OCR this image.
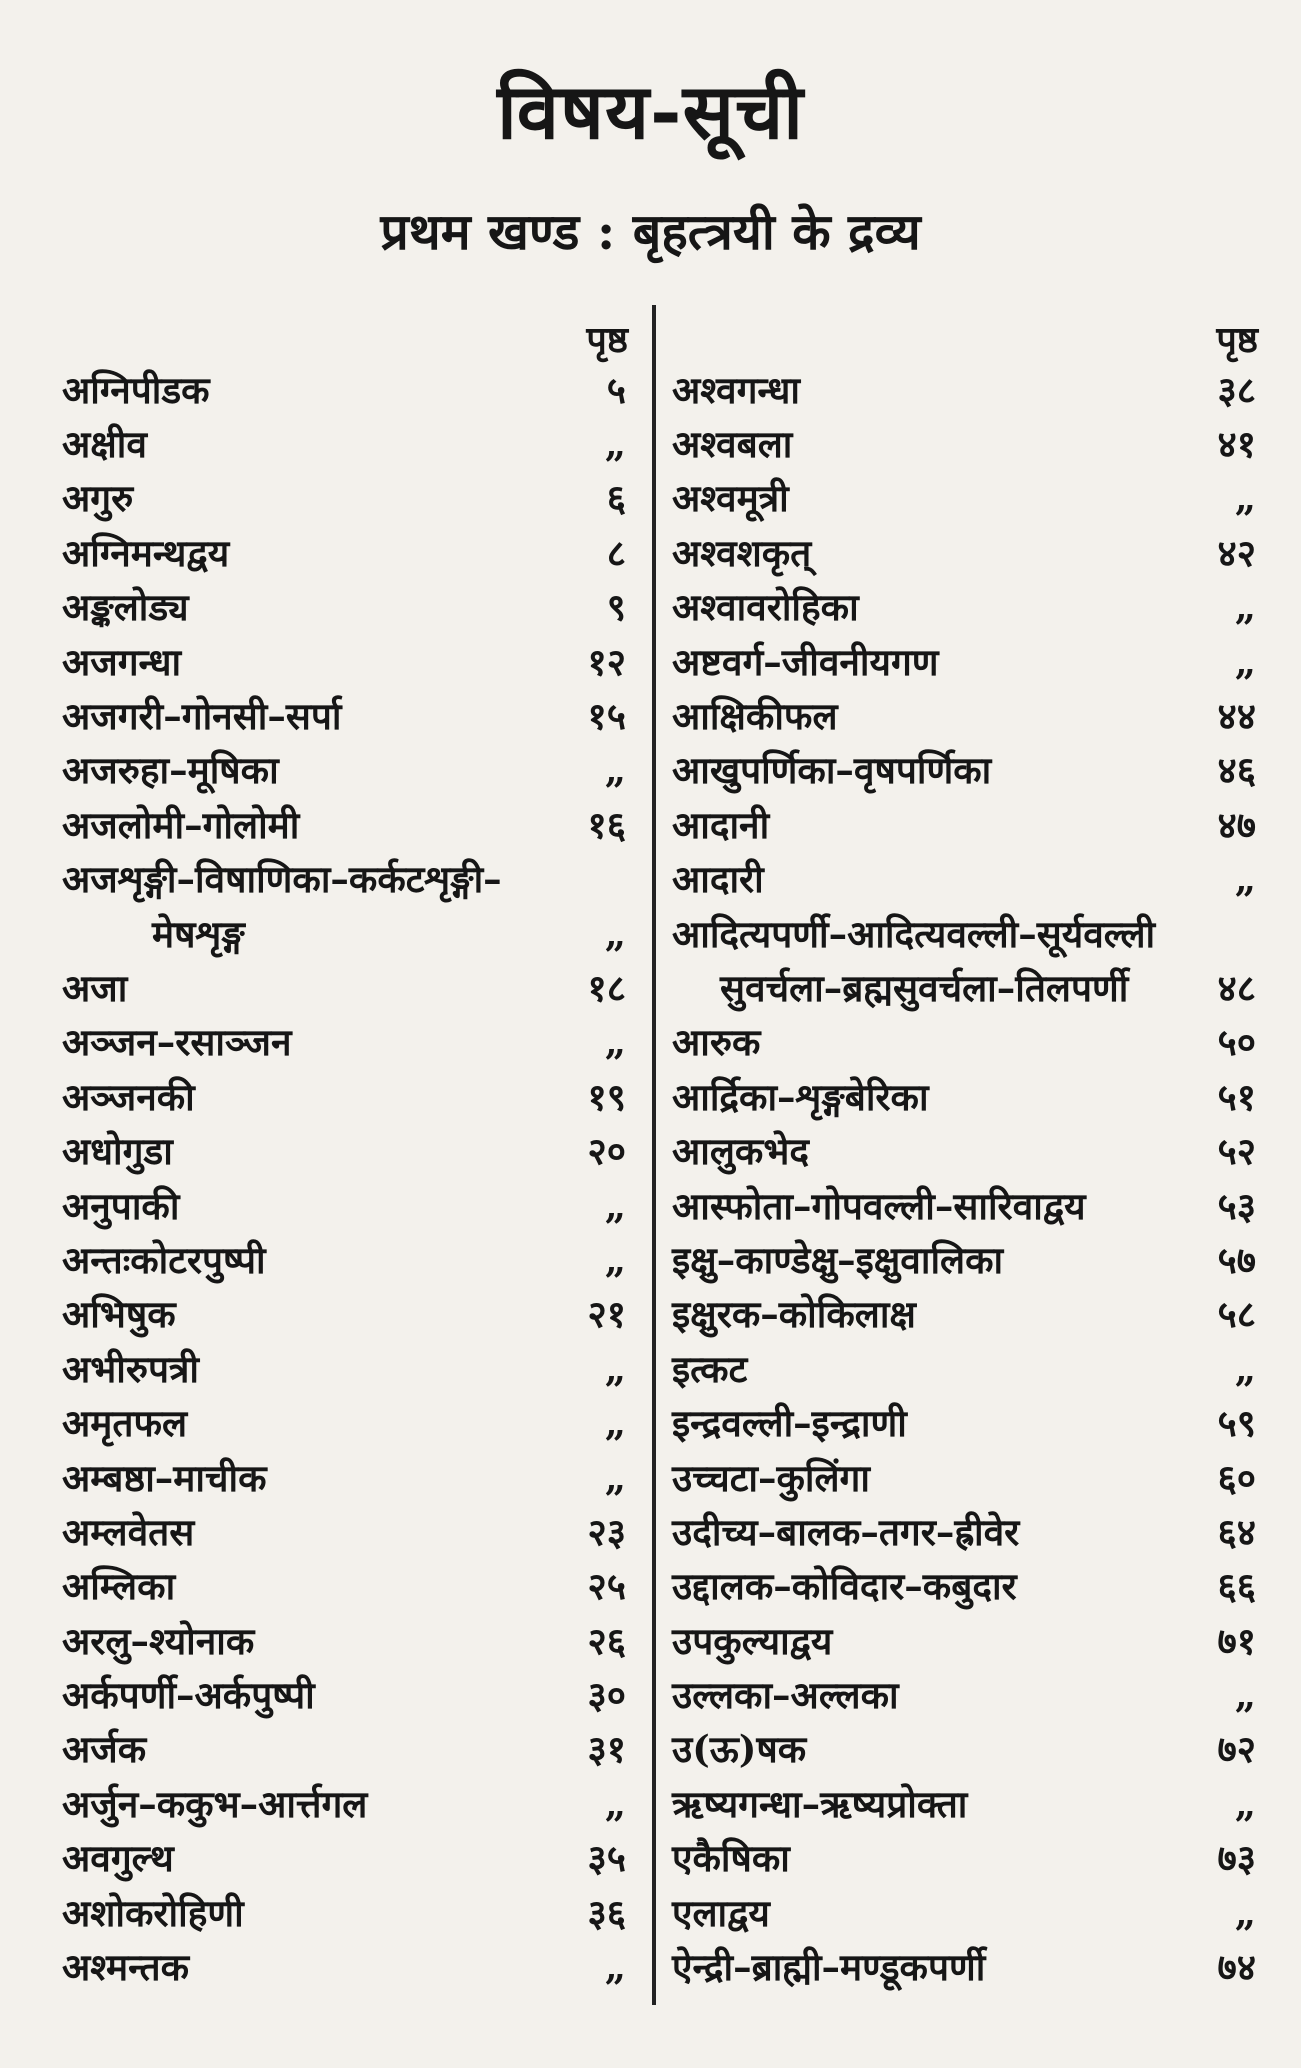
विषय-सूची
प्रथम खण्ड : बृहत्त्रयी के द्रव्य
पृष्ठ
अग्निपीडक	५
अक्षीव	„
अगुरु	६
अग्निमन्थद्वय	८
अङ्कलोड्य	९
अजगन्धा	१२
अजगरी–गोनसी–सर्पा	१५
अजरुहा–मूषिका	„
अजलोमी–गोलोमी	१६
अजशृङ्गी–विषाणिका–कर्कटशृङ्गी–
मेषशृङ्ग	„
अजा	१८
अञ्जन–रसाञ्जन	„
अञ्जनकी	१९
अधोगुडा	२०
अनुपाकी	„
अन्तःकोटरपुष्पी	„
अभिषुक	२१
अभीरुपत्री	„
अमृतफल	„
अम्बष्ठा–माचीक	„
अम्लवेतस	२३
अम्लिका	२५
अरलु–श्योनाक	२६
अर्कपर्णी–अर्कपुष्पी	३०
अर्जक	३१
अर्जुन–ककुभ–आर्त्तगल	„
अवगुल्थ	३५
अशोकरोहिणी	३६
अश्मन्तक	„
पृष्ठ
अश्वगन्धा	३८
अश्वबला	४१
अश्वमूत्री	„
अश्वशकृत्	४२
अश्वावरोहिका	„
अष्टवर्ग–जीवनीयगण	„
आक्षिकीफल	४४
आखुपर्णिका–वृषपर्णिका	४६
आदानी	४७
आदारी	„
आदित्यपर्णी–आदित्यवल्ली–सूर्यवल्ली
सुवर्चला–ब्रह्मसुवर्चला–तिलपर्णी ४८
आरुक	५०
आर्द्रिका–शृङ्गबेरिका	५१
आलुकभेद	५२
आस्फोता–गोपवल्ली–सारिवाद्वय	५३
इक्षु–काण्डेक्षु–इक्षुवालिका	५७
इक्षुरक–कोकिलाक्ष	५८
इत्कट	„
इन्द्रवल्ली–इन्द्राणी	५९
उच्चटा–कुलिंगा	६०
उदीच्य–बालक–तगर–ह्रीवेर	६४
उद्दालक–कोविदार–कबुदार	६६
उपकुल्याद्वय	७१
उल्लका–अल्लका	„
उ(ऊ)षक	७२
ऋष्यगन्धा–ऋष्यप्रोक्ता	„
एकैषिका	७३
एलाद्वय	„
ऐन्द्री–ब्राह्मी–मण्डूकपर्णी	७४
